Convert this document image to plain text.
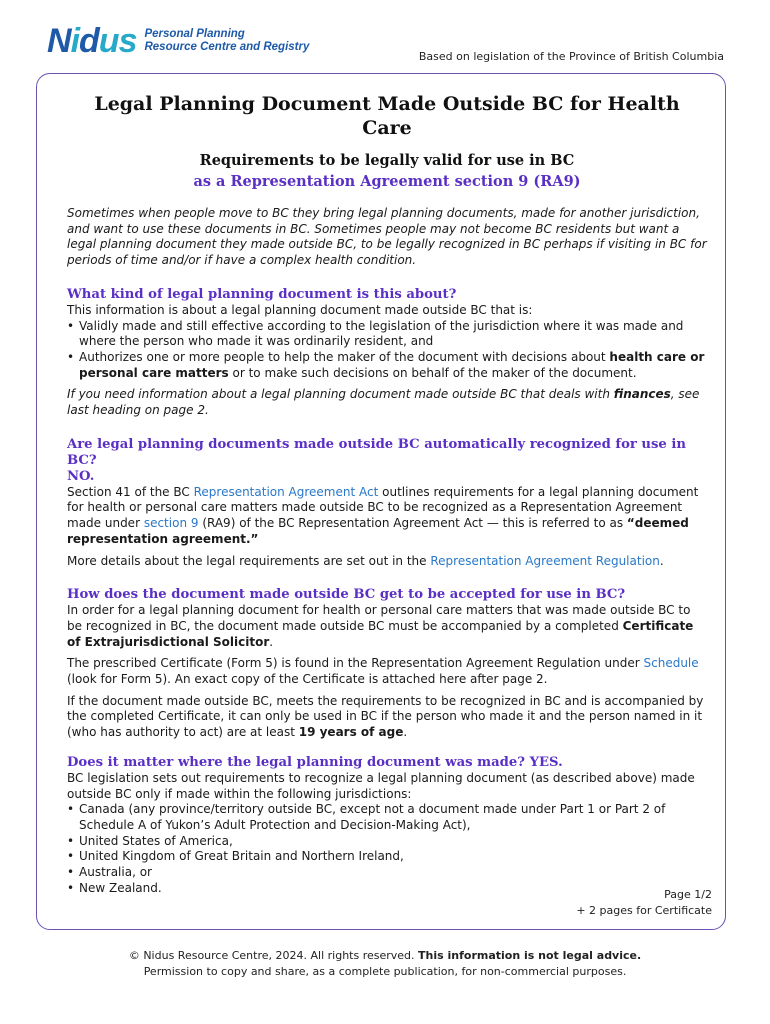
Nidus Personal Planning
Resource Centre and Registry
Based on legislation of the Province of British Columbia
Legal Planning Document Made Outside BC for Health Care
Requirements to be legally valid for use in BC
as a Representation Agreement section 9 (RA9)

Sometimes when people move to BC they bring legal planning documents, made for another jurisdiction, and want to use these documents in BC. Sometimes people may not become BC residents but want a legal planning document they made outside BC, to be legally recognized in BC perhaps if visiting in BC for periods of time and/or if have a complex health condition.

What kind of legal planning document is this about?

This information is about a legal planning document made outside BC that is:

• Validly made and still effective according to the legislation of the jurisdiction where it was made and where the person who made it was ordinarily resident, and
• Authorizes one or more people to help the maker of the document with decisions about health care or personal care matters or to make such decisions on behalf of the maker of the document.

If you need information about a legal planning document made outside BC that deals with finances, see last heading on page 2.

Are legal planning documents made outside BC automatically recognized for use in BC?
NO.

Section 41 of the BC Representation Agreement Act outlines requirements for a legal planning document for health or personal care matters made outside BC to be recognized as a Representation Agreement made under section 9 (RA9) of the BC Representation Agreement Act — this is referred to as “deemed representation agreement.”

More details about the legal requirements are set out in the Representation Agreement Regulation.

How does the document made outside BC get to be accepted for use in BC?

In order for a legal planning document for health or personal care matters that was made outside BC to be recognized in BC, the document made outside BC must be accompanied by a completed Certificate of Extrajurisdictional Solicitor.

The prescribed Certificate (Form 5) is found in the Representation Agreement Regulation under Schedule (look for Form 5). An exact copy of the Certificate is attached here after page 2.

If the document made outside BC, meets the requirements to be recognized in BC and is accompanied by the completed Certificate, it can only be used in BC if the person who made it and the person named in it (who has authority to act) are at least 19 years of age.

Does it matter where the legal planning document was made? YES.

BC legislation sets out requirements to recognize a legal planning document (as described above) made outside BC only if made within the following jurisdictions:

• Canada (any province/territory outside BC, except not a document made under Part 1 or Part 2 of Schedule A of Yukon’s Adult Protection and Decision-Making Act),
• United States of America,
• United Kingdom of Great Britain and Northern Ireland,
• Australia, or
• New Zealand.	Page 1/2
+ 2 pages for Certificate
© Nidus Resource Centre, 2024. All rights reserved. This information is not legal advice.
Permission to copy and share, as a complete publication, for non-commercial purposes.
